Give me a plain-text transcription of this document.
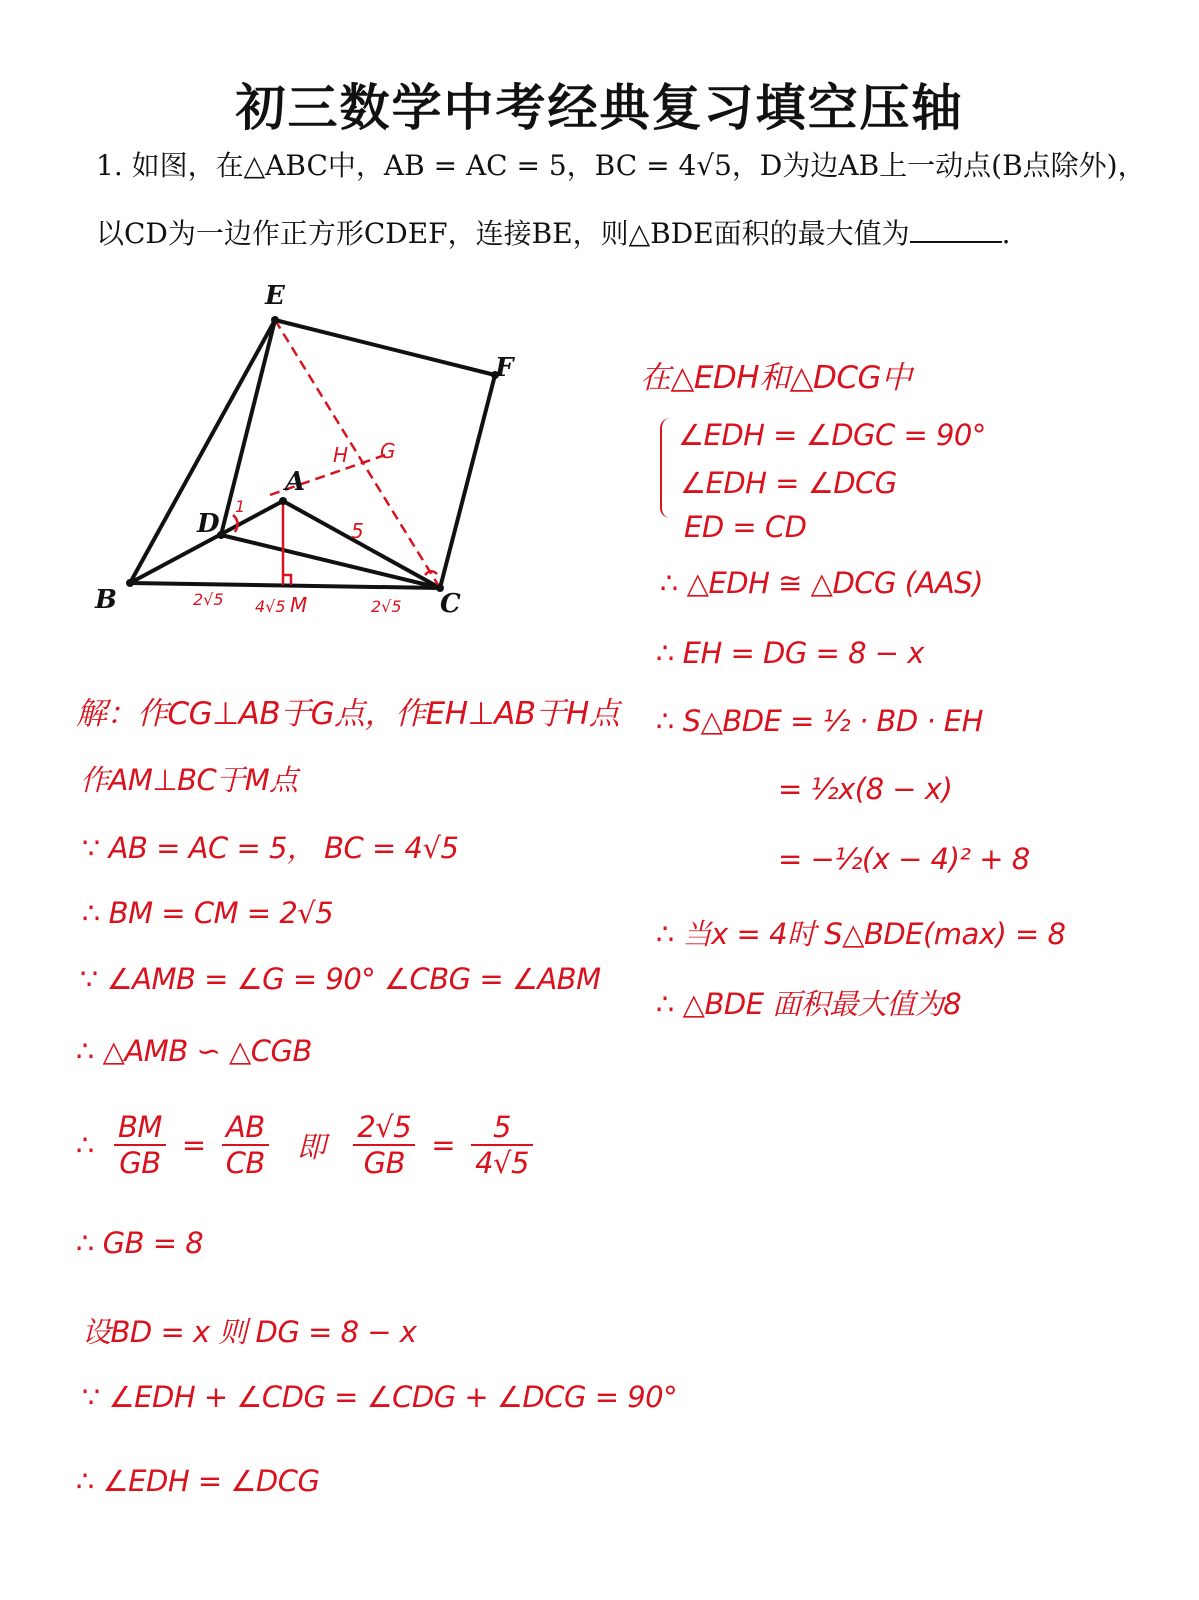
初三数学中考经典复习填空压轴
1. 如图，在△ABC中，AB = AC = 5，BC = 4√5，D为边AB上一动点(B点除外)，
以CD为一边作正方形CDEF，连接BE，则△BDE面积的最大值为	.
E
F
A
D
B	C
H G
5
M
2√5 4√5	2√5
1
解：作CG⊥AB于G点，作EH⊥AB于H点
作AM⊥BC于M点
∵ AB = AC = 5， BC = 4√5
∴ BM = CM = 2√5
∵ ∠AMB = ∠G = 90° ∠CBG = ∠ABM
∴ △AMB ∽ △CGB
∴ $\frac{BM}{GB} = \frac{AB}{CB}$ 即 $\frac{2√5}{GB} = \frac{5}{4√5}$
∴ GB = 8
设BD = x 则 DG = 8 − x
∵ ∠EDH + ∠CDG = ∠CDG + ∠DCG = 90°
∴ ∠EDH = ∠DCG
在△EDH和△DCG中
∠EDH = ∠DGC = 90°
∠EDH = ∠DCG
ED = CD
∴ △EDH ≅ △DCG (AAS)
∴ EH = DG = 8 − x
∴ S△BDE = ½ · BD · EH
= ½x(8 − x)
= −½(x − 4)² + 8
∴ 当x = 4时 S△BDE(max) = 8
∴ △BDE 面积最大值为8
